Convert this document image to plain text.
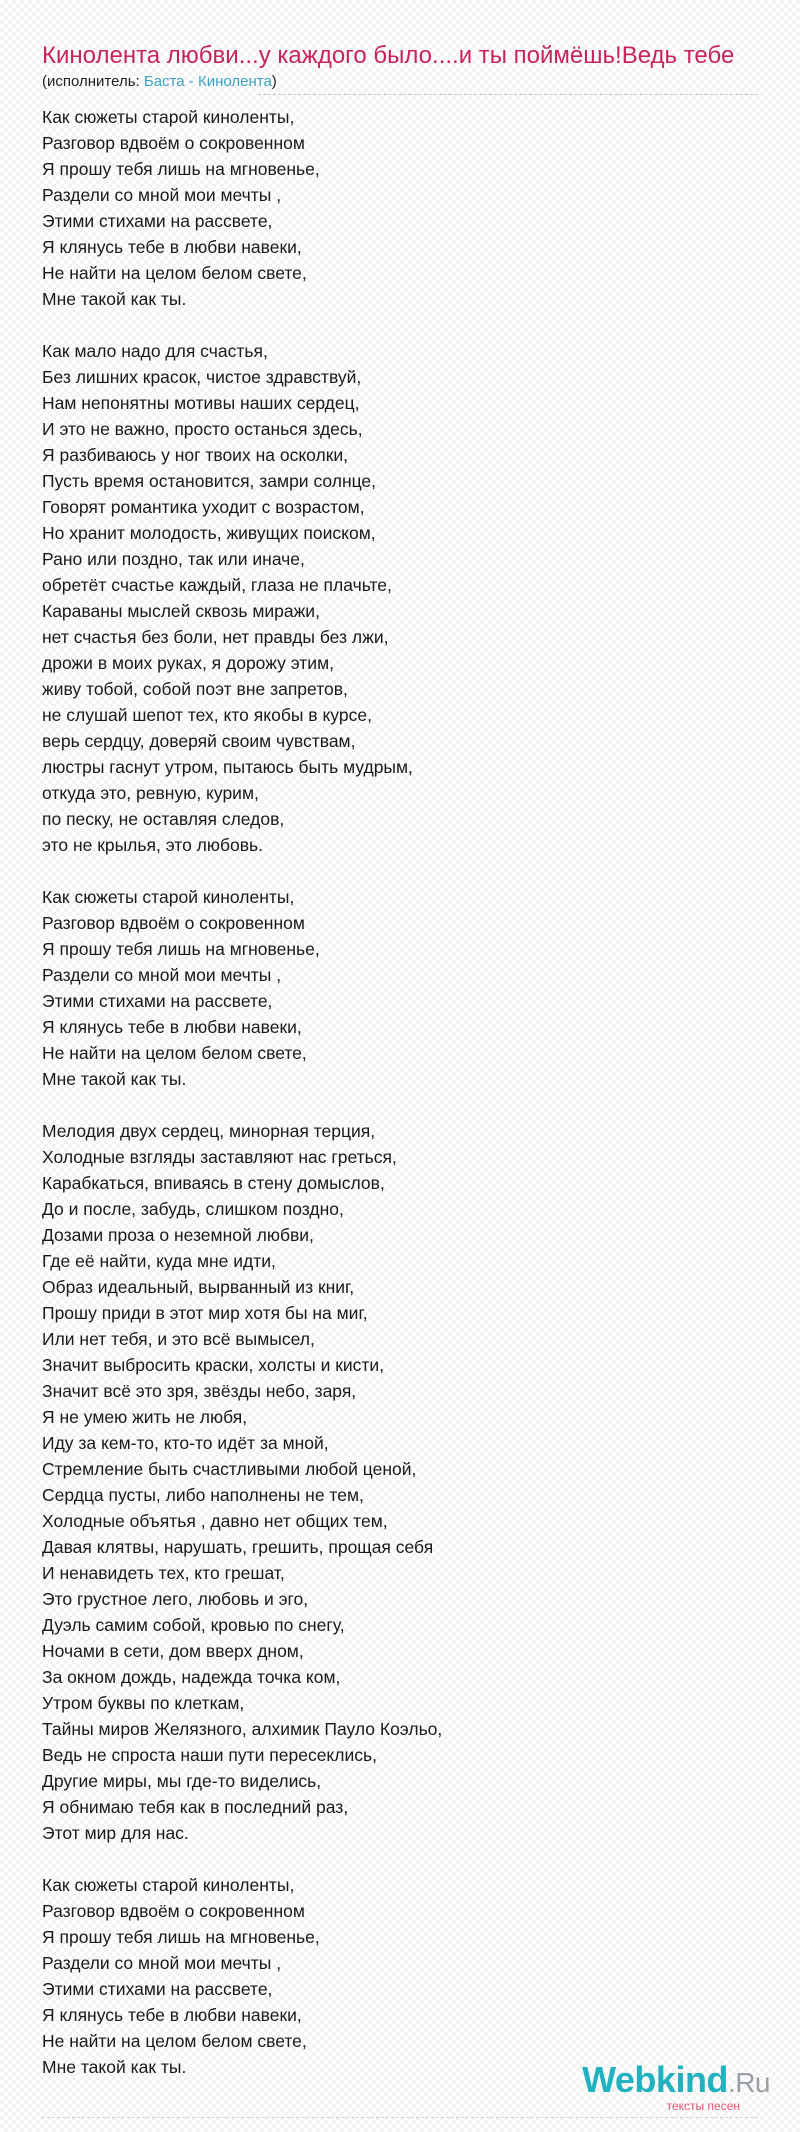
Кинолента любви...у каждого было....и ты поймёшь!Ведь тебе
(исполнитель: Баста - Кинолента)
Как сюжеты старой киноленты,
Разговор вдвоём о сокровенном
Я прошу тебя лишь на мгновенье,
Раздели со мной мои мечты ,
Этими стихами на рассвете,
Я клянусь тебе в любви навеки,
Не найти на целом белом свете,
Мне такой как ты.
Как мало надо для счастья,
Без лишних красок, чистое здравствуй,
Нам непонятны мотивы наших сердец,
И это не важно, просто останься здесь,
Я разбиваюсь у ног твоих на осколки,
Пусть время остановится, замри солнце,
Говорят романтика уходит с возрастом,
Но хранит молодость, живущих поиском,
Рано или поздно, так или иначе,
обретёт счастье каждый, глаза не плачьте,
Караваны мыслей сквозь миражи,
нет счастья без боли, нет правды без лжи,
дрожи в моих руках, я дорожу этим,
живу тобой, собой поэт вне запретов,
не слушай шепот тех, кто якобы в курсе,
верь сердцу, доверяй своим чувствам,
люстры гаснут утром, пытаюсь быть мудрым,
откуда это, ревную, курим,
по песку, не оставляя следов,
это не крылья, это любовь.
Как сюжеты старой киноленты,
Разговор вдвоём о сокровенном
Я прошу тебя лишь на мгновенье,
Раздели со мной мои мечты ,
Этими стихами на рассвете,
Я клянусь тебе в любви навеки,
Не найти на целом белом свете,
Мне такой как ты.
Мелодия двух сердец, минорная терция,
Холодные взгляды заставляют нас греться,
Карабкаться, впиваясь в стену домыслов,
До и после, забудь, слишком поздно,
Дозами проза о неземной любви,
Где её найти, куда мне идти,
Образ идеальный, вырванный из книг,
Прошу приди в этот мир хотя бы на миг,
Или нет тебя, и это всё вымысел,
Значит выбросить краски, холсты и кисти,
Значит всё это зря, звёзды небо, заря,
Я не умею жить не любя,
Иду за кем-то, кто-то идёт за мной,
Стремление быть счастливыми любой ценой,
Сердца пусты, либо наполнены не тем,
Холодные объятья , давно нет общих тем,
Давая клятвы, нарушать, грешить, прощая себя
И ненавидеть тех, кто грешат,
Это грустное лего, любовь и эго,
Дуэль самим собой, кровью по снегу,
Ночами в сети, дом вверх дном,
За окном дождь, надежда точка ком,
Утром буквы по клеткам,
Тайны миров Желязного, алхимик Пауло Коэльо,
Ведь не спроста наши пути пересеклись,
Другие миры, мы где-то виделись,
Я обнимаю тебя как в последний раз,
Этот мир для нас.
Как сюжеты старой киноленты,
Разговор вдвоём о сокровенном
Я прошу тебя лишь на мгновенье,
Раздели со мной мои мечты ,
Этими стихами на рассвете,
Я клянусь тебе в любви навеки,
Не найти на целом белом свете,
Мне такой как ты.	Webkind.Ru
тексты песен
